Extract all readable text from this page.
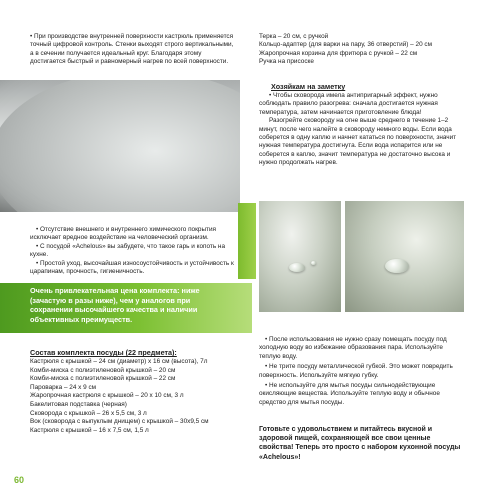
• При производстве внутренней поверхности кастрюль применяется точный цифровой контроль. Стенки выходят строго вертикальными, а в сечении получается идеальный круг. Благодаря этому достигается быстрый и равномерный нагрев по всей поверхности.
Терка – 20 см, с ручкой
Кольцо-адаптер (для варки на пару, 36 отверстий) – 20 см
Жаропрочная корзина для фритюра с ручкой – 22 см
Ручка на присоске
Хозяйкам на заметку

• Чтобы сковорода имела антипригарный эффект, нужно соблюдать правило разогрева: сначала достигается нужная температура, затем начинается приготовление блюда!

Разогрейте сковороду на огне выше среднего в течение 1–2 минут, после чего налейте в сковороду немного воды. Если вода соберется в одну каплю и начнет кататься по поверхности, значит нужная температура достигнута. Если вода испарится или не соберется в каплю, значит температура не достаточно высока и нужно продолжать нагрев.

• Отсутствие внешнего и внутреннего химического покрытия исключает вредное воздействие на человеческий организм.

• С посудой «Achelous» вы забудете, что такое гарь и копоть на кухне.

• Простой уход, высочайшая износоустойчивость и устойчивость к царапинам, прочность, гигиеничность.

Очень привлекательная цена комплекта: ниже (зачастую в разы ниже), чем у аналогов при сохранении высочайшего качества и наличии объективных преимуществ.
Состав комплекта посуды (22 предмета):
Кастрюля с крышкой – 24 см (диаметр) х 16 см (высота), 7л
Комби-миска с полиэтиленовой крышкой – 20 см
Комби-миска с полиэтиленовой крышкой – 22 см
Пароварка – 24 х 9 см
Жаропрочная кастрюля с крышкой – 20 х 10 см, 3 л
Бакелитовая подставка (черная)
Сковорода с крышкой – 26 х 5,5 см, 3 л
Вок (сковорода с выпуклым днищем) с крышкой – 30х9,5 см
Кастрюля с крышкой – 16 х 7,5 см, 1,5 л

• После использования не нужно сразу помещать посуду под холодную воду во избежание образования пара. Используйте теплую воду.

• Не трите посуду металлической губкой. Это может повредить поверхность. Используйте мягкую губку.

• Не используйте для мытья посуды сильнодействующие окисляющие вещества. Используйте теплую воду и обычное средство для мытья посуды.

Готовьте с удовольствием и питайтесь вкусной и здоровой пищей, сохраняющей все свои ценные свойства! Теперь это просто с набором кухонной посуды «Achelous»!
60
